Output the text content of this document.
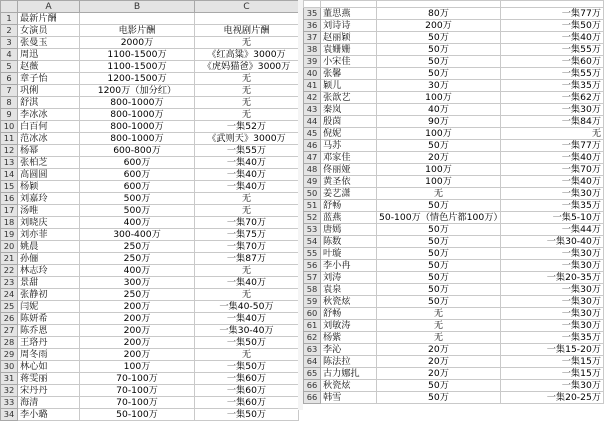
	A	B	C
1	最新片酬		
2	女演员	电影片酬	电视剧片酬
3	张曼玉	2000万	无
4	周迅	1100-1500万	《红高粱》3000万
5	赵薇	1100-1500万	《虎妈猫爸》3000万
6	章子怡	1200-1500万	无
7	巩俐	1200万（加分红）	无
8	舒淇	800-1000万	无
9	李冰冰	800-1000万	无
10	白百何	800-1000万	一集52万
11	范冰冰	800-1000万	《武则天》3000万
12	杨幂	600-800万	一集55万
13	张柏芝	600万	一集40万
14	高圆圆	600万	一集40万
15	杨颖	600万	一集40万
16	刘嘉玲	500万	无
17	汤唯	500万	无
18	刘晓庆	400万	一集70万
19	刘亦菲	300-400万	一集75万
20	姚晨	250万	一集70万
21	孙俪	250万	一集87万
22	林志玲	400万	无
23	景甜	300万	一集40万
24	张静初	250万	无
25	闫妮	200万	一集40-50万
26	陈妍希	200万	一集40万
27	陈乔恩	200万	一集30-40万
28	王珞丹	200万	一集50万
29	周冬雨	200万	无
30	林心如	100万	一集50万
31	蒋雯丽	70-100万	一集60万
32	宋丹丹	70-100万	一集60万
33	海清	70-100万	一集60万
34	李小璐	50-100万	一集50万

35	董思燕	80万	一集77万
36	刘诗诗	200万	一集50万
37	赵丽颖	50万	一集40万
38	袁姗姗	50万	一集55万
39	小宋佳	50万	一集60万
40	张馨	50万	一集55万
41	颖儿	30万	一集35万
42	张歆艺	100万	一集62万
43	秦岚	40万	一集30万
44	殷茵	90万	一集84万
45	倪妮	100万	无
46	马苏	50万	一集77万
47	邓家佳	20万	一集40万
48	佟丽娅	100万	一集70万
49	黄圣依	100万	一集40万
50	姜艺潇	无	一集30万
51	舒畅	50万	一集35万
52	蓝燕	50-100万（情色片都100万）	一集5-10万
53	唐嫣	50万	一集44万
54	陈数	50万	一集30-40万
55	叶璇	50万	一集30万
56	李小冉	50万	一集30万
57	刘涛	50万	一集20-35万
58	袁泉	50万	一集30万
59	秋瓷炫	50万	一集30万
60	舒畅	无	一集30万
61	刘敏涛	无	一集30万
62	杨紫	无	一集35万
63	李沁	20万	一集15-20万
64	陈法拉	20万	一集15万
65	古力娜扎	20万	一集15万
66	秋瓷炫	50万	一集30万
66	韩雪	50万	一集20-25万
